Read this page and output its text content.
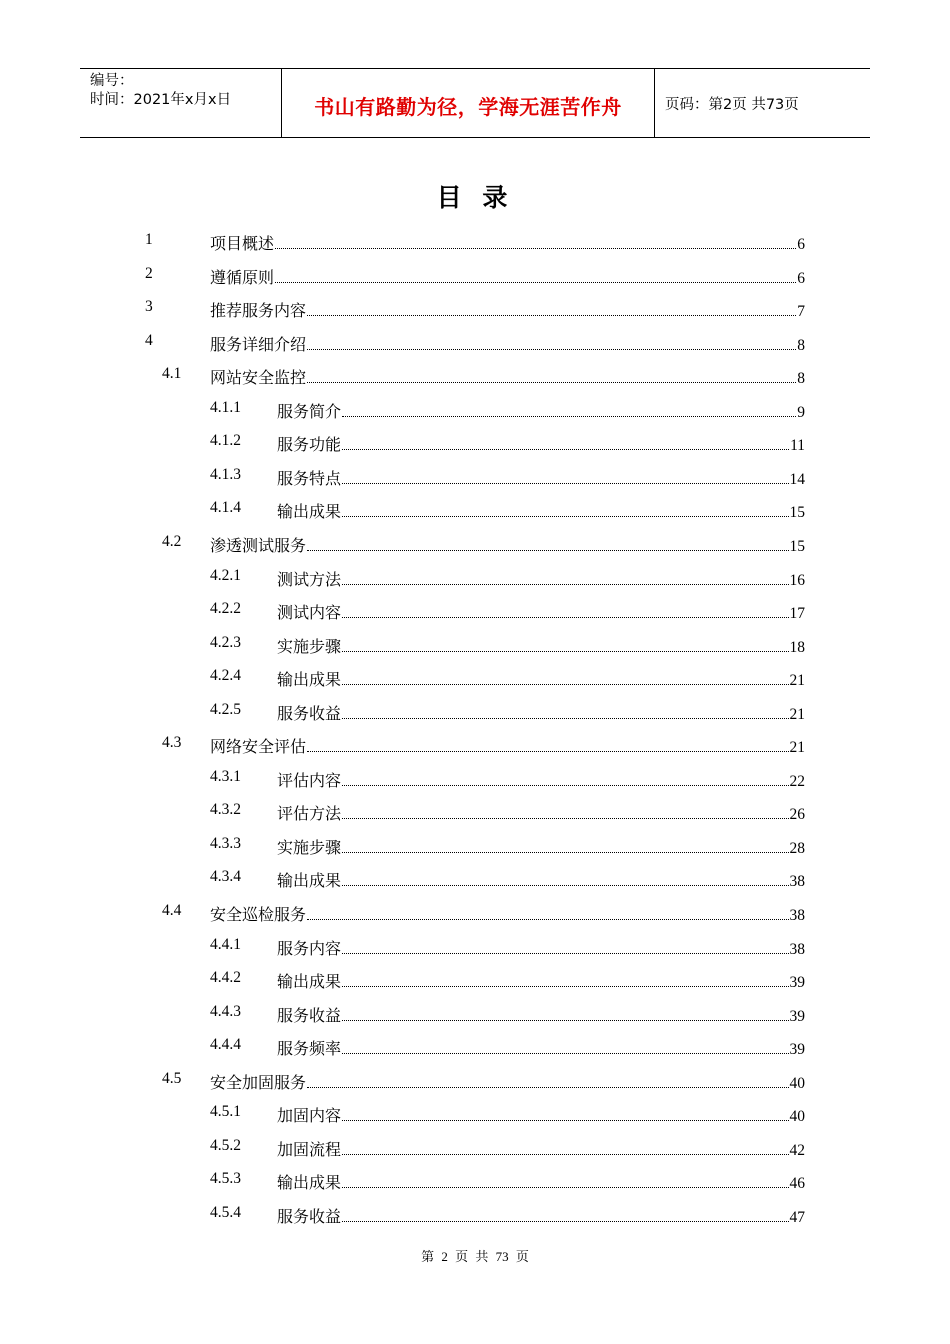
编号：
时间：2021年x月x日	书山有路勤为径，学海无涯苦作舟	页码：第2页 共73页
目 录
1	项目概述	6
2	遵循原则	6
3	推荐服务内容	7
4	服务详细介绍	8
4.1 网站安全监控	8
4.1.1 服务简介	9
4.1.2 服务功能	11
4.1.3 服务特点	14
4.1.4 输出成果	15
4.2 渗透测试服务	15
4.2.1 测试方法	16
4.2.2 测试内容	17
4.2.3 实施步骤	18
4.2.4 输出成果	21
4.2.5 服务收益	21
4.3 网络安全评估	21
4.3.1 评估内容	22
4.3.2 评估方法	26
4.3.3 实施步骤	28
4.3.4 输出成果	38
4.4 安全巡检服务	38
4.4.1 服务内容	38
4.4.2 输出成果	39
4.4.3 服务收益	39
4.4.4 服务频率	39
4.5 安全加固服务	40
4.5.1 加固内容	40
4.5.2 加固流程	42
4.5.3 输出成果	46
4.5.4 服务收益	47
第 2 页 共 73 页
